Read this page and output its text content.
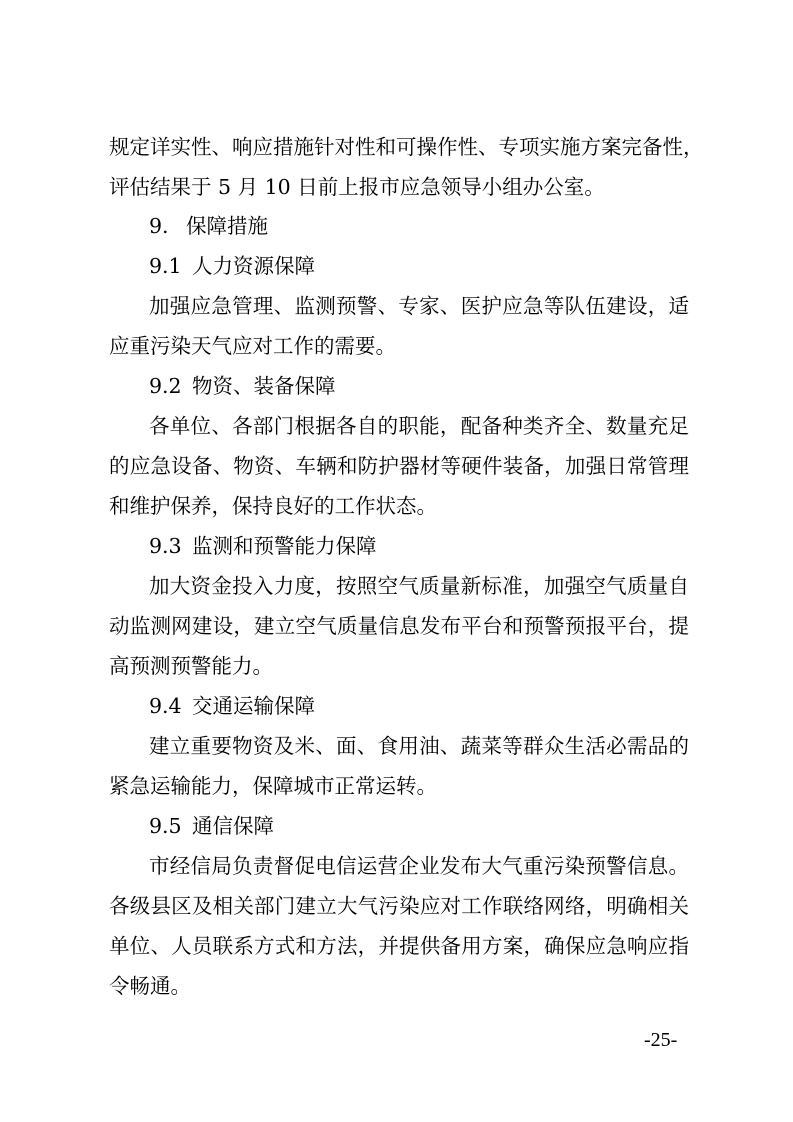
规定详实性、响应措施针对性和可操作性、专项实施方案完备性，
评估结果于 5 月 10 日前上报市应急领导小组办公室。
9. 保障措施
9.1 人力资源保障
加强应急管理、监测预警、专家、医护应急等队伍建设，适
应重污染天气应对工作的需要。
9.2 物资、装备保障
各单位、各部门根据各自的职能，配备种类齐全、数量充足
的应急设备、物资、车辆和防护器材等硬件装备，加强日常管理
和维护保养，保持良好的工作状态。
9.3 监测和预警能力保障
加大资金投入力度，按照空气质量新标准，加强空气质量自
动监测网建设，建立空气质量信息发布平台和预警预报平台，提
高预测预警能力。
9.4 交通运输保障
建立重要物资及米、面、食用油、蔬菜等群众生活必需品的
紧急运输能力，保障城市正常运转。
9.5 通信保障
市经信局负责督促电信运营企业发布大气重污染预警信息。
各级县区及相关部门建立大气污染应对工作联络网络，明确相关
单位、人员联系方式和方法，并提供备用方案，确保应急响应指
令畅通。
-25-
